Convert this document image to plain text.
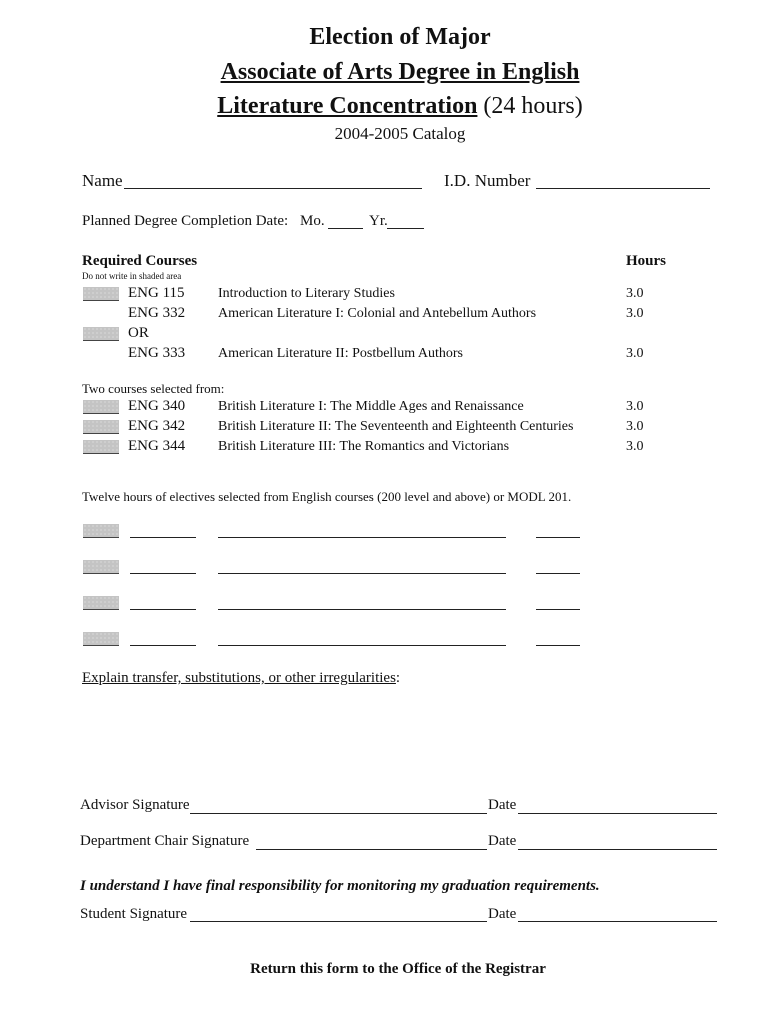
Election of Major
Associate of Arts Degree in English
Literature Concentration (24 hours)
2004-2005 Catalog
Name	I.D. Number
Planned Degree Completion Date: Mo.	Yr.
Required Courses	Hours
Do not write in shaded area
ENG 115 Introduction to Literary Studies	3.0
ENG 332 American Literature I: Colonial and Antebellum Authors	3.0
OR
ENG 333 American Literature II: Postbellum Authors	3.0
Two courses selected from:
ENG 340 British Literature I: The Middle Ages and Renaissance	3.0
ENG 342 British Literature II: The Seventeenth and Eighteenth Centuries	3.0
ENG 344 British Literature III: The Romantics and Victorians	3.0
Twelve hours of electives selected from English courses (200 level and above) or MODL 201.
Explain transfer, substitutions, or other irregularities:
Advisor Signature	Date
Department Chair Signature	Date
I understand I have final responsibility for monitoring my graduation requirements.
Student Signature	Date
Return this form to the Office of the Registrar
